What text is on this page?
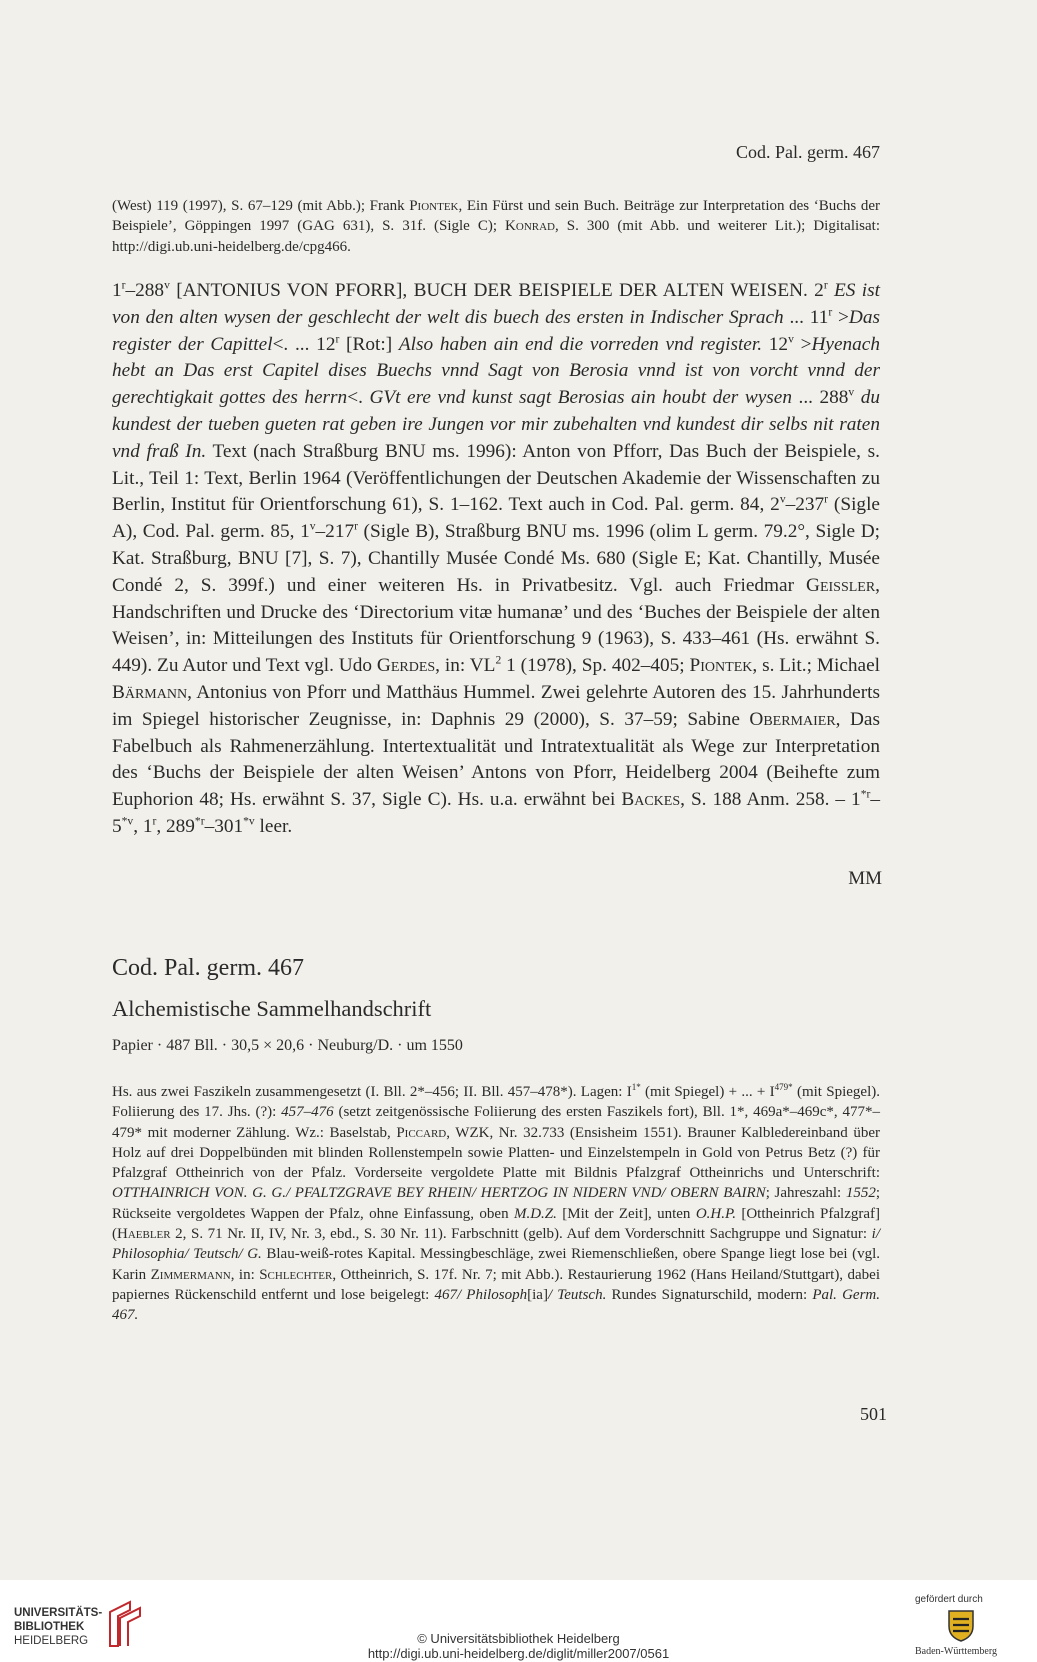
Cod. Pal. germ. 467
(West) 119 (1997), S. 67–129 (mit Abb.); Frank Piontek, Ein Fürst und sein Buch. Beiträge zur Interpretation des ‘Buchs der Beispiele’, Göppingen 1997 (GAG 631), S. 31f. (Sigle C); Konrad, S. 300 (mit Abb. und weiterer Lit.); Digitalisat: http://digi.ub.uni-heidelberg.de/cpg466.
1$^r$–288$^v$ [ANTONIUS VON PFORR], BUCH DER BEISPIELE DER ALTEN WEISEN. 2$^r$ ES ist von den alten wysen der geschlecht der welt dis buech des ersten in Indischer Sprach ... $11^r >Das$ register der Capittel<. ... 12$^r$ [Rot:] Also haben ain end die vorreden vnd register. $12^v$ >Hyenach hebt an Das erst Capitel dises Buechs vnnd Sagt von Berosia vnnd ist von vorcht vnnd der gerechtigkait gottes des herrn<. GVt ere vnd kunst sagt Berosias ain houbt der wysen ... 288$^v$ du kundest der tueben gueten rat geben ire Jungen vor mir zubehalten vnd kundest dir selbs nit raten vnd fraß In. Text (nach Straßburg BNU ms. 1996): Anton von Pfforr, Das Buch der Beispiele, s. Lit., Teil 1: Text, Berlin 1964 (Veröffentlichungen der Deutschen Akademie der Wissenschaften zu Berlin, Institut für Orientforschung 61), S. 1–162. Text auch in Cod. Pal. germ. 84, 2$^v$–237$^r$ (Sigle A), Cod. Pal. germ. 85, 1$^v$–217$^r$ (Sigle B), Straßburg BNU ms. 1996 (olim L germ. 79.2°, Sigle D; Kat. Straßburg, BNU [7], S. 7), Chantilly Musée Condé Ms. 680 (Sigle E; Kat. Chantilly, Musée Condé 2, S. 399f.) und einer weiteren Hs. in Privatbesitz. Vgl. auch Friedmar Geissler, Handschriften und Drucke des ‘Directorium vitæ humanæ’ und des ‘Buches der Beispiele der alten Weisen’, in: Mitteilungen des Instituts für Orientforschung 9 (1963), S. 433–461 (Hs. erwähnt S. 449). Zu Autor und Text vgl. Udo Gerdes, in: $VL^2$ 1 (1978), Sp. 402–405; Piontek, s. Lit.; Michael Bärmann, Antonius von Pforr und Matthäus Hummel. Zwei gelehrte Autoren des 15. Jahrhunderts im Spiegel historischer Zeugnisse, in: Daphnis 29 (2000), S. 37–59; Sabine Obermaier, Das Fabelbuch als Rahmenerzählung. Intertextualität und Intratextualität als Wege zur Interpretation des ‘Buchs der Beispiele der alten Weisen’ Antons von Pforr, Heidelberg 2004 (Beihefte zum Euphorion 48; Hs. erwähnt S. 37, Sigle C). Hs. u.a. erwähnt bei Backes, S. 188 Anm. 258. – 1$^{*r}$–5$^{*v}$, 1$^r$, 289$^{*r}$–301$^{*v}$ leer.
MM
Cod. Pal. germ. 467
Alchemistische Sammelhandschrift
Papier · 487 Bll. · 30,5 × 20,6 · Neuburg/D. · um 1550
Hs. aus zwei Faszikeln zusammengesetzt (I. Bll. 2*–456; II. Bll. 457–478*). Lagen: $I^{1*}$ (mit Spiegel) + ... + $I^{479*}$ (mit Spiegel). Foliierung des 17. Jhs. (?): 457–476 (setzt zeitgenössische Foliierung des ersten Faszikels fort), Bll. 1*, 469a*–469c*, 477*–479* mit moderner Zählung. Wz.: Baselstab, Piccard, WZK, Nr. 32.733 (Ensisheim 1551). Brauner Kalbledereinband über Holz auf drei Doppelbünden mit blinden Rollenstempeln sowie Platten- und Einzelstempeln in Gold von Petrus Betz (?) für Pfalzgraf Ottheinrich von der Pfalz. Vorderseite vergoldete Platte mit Bildnis Pfalzgraf Ottheinrichs und Unterschrift: OTTHAINRICH VON. G. G./ PFALTZGRAVE BEY RHEIN/ HERTZOG IN NIDERN VND/ OBERN BAIRN; Jahreszahl: 1552; Rückseite vergoldetes Wappen der Pfalz, ohne Einfassung, oben M.D.Z. [Mit der Zeit], unten O.H.P. [Ottheinrich Pfalzgraf] (Haebler 2, S. 71 Nr. II, IV, Nr. 3, ebd., S. 30 Nr. 11). Farbschnitt (gelb). Auf dem Vorderschnitt Sachgruppe und Signatur: i/ Philosophia/ Teutsch/ G. Blau-weiß-rotes Kapital. Messingbeschläge, zwei Riemenschließen, obere Spange liegt lose bei (vgl. Karin Zimmermann, in: Schlechter, Ottheinrich, S. 17f. Nr. 7; mit Abb.). Restaurierung 1962 (Hans Heiland/Stuttgart), dabei papiernes Rückenschild entfernt und lose beigelegt: 467/ Philosoph[ia]/ Teutsch. Rundes Signaturschild, modern: Pal. Germ. 467.
501
UNIVERSITÄTS-
BIBLIOTHEK
HEIDELBERG	© Universitätsbibliothek Heidelberg
http://digi.ub.uni-heidelberg.de/diglit/miller2007/0561
gefördert durch
Baden-Württemberg
